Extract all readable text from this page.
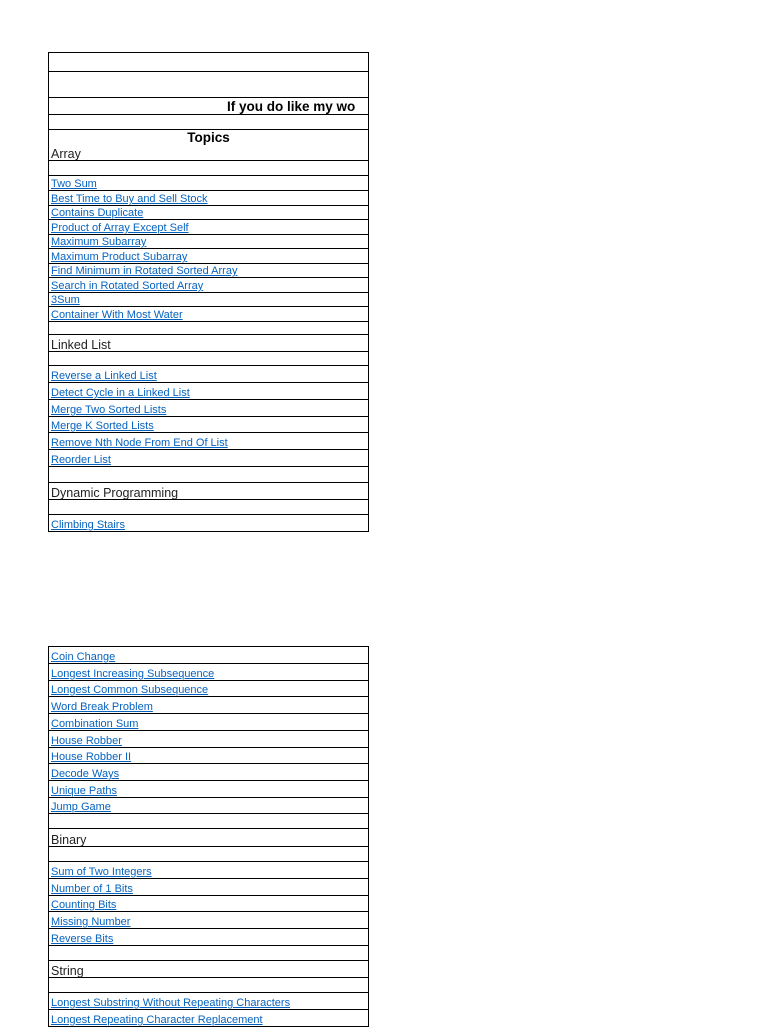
If you do like my wo
Topics
Array
Two Sum
Best Time to Buy and Sell Stock
Contains Duplicate
Product of Array Except Self
Maximum Subarray
Maximum Product Subarray
Find Minimum in Rotated Sorted Array
Search in Rotated Sorted Array
3Sum
Container With Most Water
Linked List
Reverse a Linked List
Detect Cycle in a Linked List
Merge Two Sorted Lists
Merge K Sorted Lists
Remove Nth Node From End Of List
Reorder List
Dynamic Programming
Climbing Stairs
Coin Change
Longest Increasing Subsequence
Longest Common Subsequence
Word Break Problem
Combination Sum
House Robber
House Robber II
Decode Ways
Unique Paths
Jump Game
Binary
Sum of Two Integers
Number of 1 Bits
Counting Bits
Missing Number
Reverse Bits
String
Longest Substring Without Repeating Characters
Longest Repeating Character Replacement
